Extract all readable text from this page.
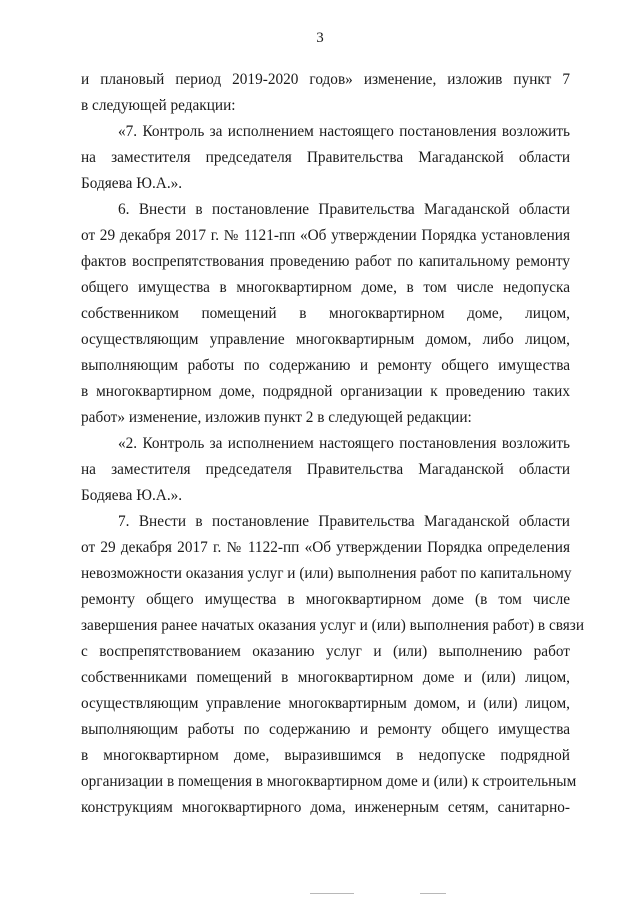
3
и плановый период 2019-2020 годов» изменение, изложив пункт 7
в следующей редакции:
«7. Контроль за исполнением настоящего постановления возложить
на заместителя председателя Правительства Магаданской области
Бодяева Ю.А.».
6. Внести в постановление Правительства Магаданской области
от 29 декабря 2017 г. № 1121-пп «Об утверждении Порядка установления
фактов воспрепятствования проведению работ по капитальному ремонту
общего имущества в многоквартирном доме, в том числе недопуска
собственником помещений в многоквартирном доме, лицом,
осуществляющим управление многоквартирным домом, либо лицом,
выполняющим работы по содержанию и ремонту общего имущества
в многоквартирном доме, подрядной организации к проведению таких
работ» изменение, изложив пункт 2 в следующей редакции:
«2. Контроль за исполнением настоящего постановления возложить
на заместителя председателя Правительства Магаданской области
Бодяева Ю.А.».
7. Внести в постановление Правительства Магаданской области
от 29 декабря 2017 г. № 1122-пп «Об утверждении Порядка определения
невозможности оказания услуг и (или) выполнения работ по капитальному
ремонту общего имущества в многоквартирном доме (в том числе
завершения ранее начатых оказания услуг и (или) выполнения работ) в связи
с воспрепятствованием оказанию услуг и (или) выполнению работ
собственниками помещений в многоквартирном доме и (или) лицом,
осуществляющим управление многоквартирным домом, и (или) лицом,
выполняющим работы по содержанию и ремонту общего имущества
в многоквартирном доме, выразившимся в недопуске подрядной
организации в помещения в многоквартирном доме и (или) к строительным
конструкциям многоквартирного дома, инженерным сетям, санитарно-
